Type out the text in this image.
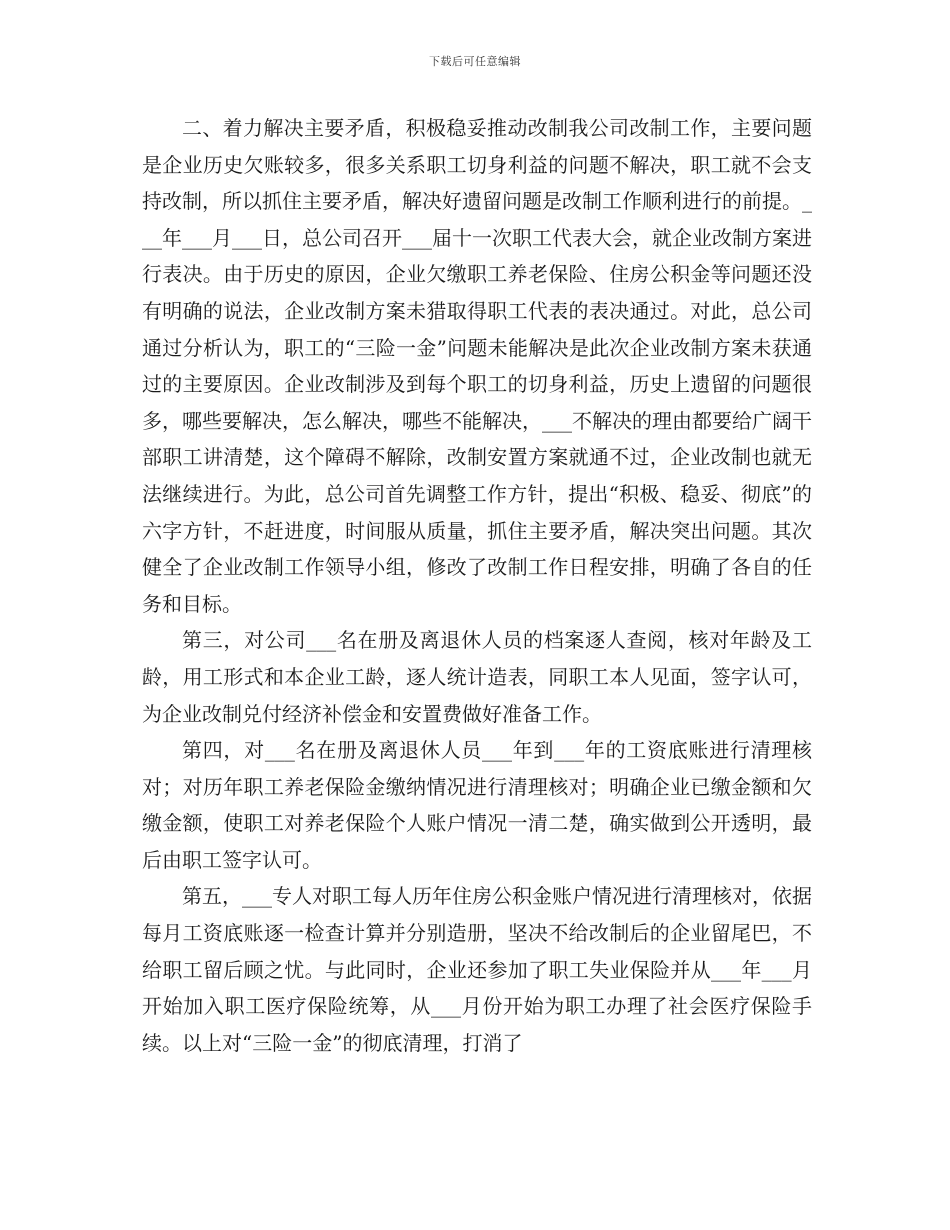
下载后可任意编辑

二、着力解决主要矛盾，积极稳妥推动改制我公司改制工作，主要问题是企业历史欠账较多，很多关系职工切身利益的问题不解决，职工就不会支持改制，所以抓住主要矛盾，解决好遗留问题是改制工作顺利进行的前提。___年___月___日，总公司召开___届十一次职工代表大会，就企业改制方案进行表决。由于历史的原因，企业欠缴职工养老保险、住房公积金等问题还没有明确的说法，企业改制方案未猎取得职工代表的表决通过。对此，总公司通过分析认为，职工的“三险一金”问题未能解决是此次企业改制方案未获通过的主要原因。企业改制涉及到每个职工的切身利益，历史上遗留的问题很多，哪些要解决，怎么解决，哪些不能解决，___不解决的理由都要给广阔干部职工讲清楚，这个障碍不解除，改制安置方案就通不过，企业改制也就无法继续进行。为此，总公司首先调整工作方针，提出“积极、稳妥、彻底”的六字方针，不赶进度，时间服从质量，抓住主要矛盾，解决突出问题。其次健全了企业改制工作领导小组，修改了改制工作日程安排，明确了各自的任务和目标。

第三，对公司___名在册及离退休人员的档案逐人查阅，核对年龄及工龄，用工形式和本企业工龄，逐人统计造表，同职工本人见面，签字认可，为企业改制兑付经济补偿金和安置费做好准备工作。

第四，对___名在册及离退休人员___年到___年的工资底账进行清理核对；对历年职工养老保险金缴纳情况进行清理核对；明确企业已缴金额和欠缴金额，使职工对养老保险个人账户情况一清二楚，确实做到公开透明，最后由职工签字认可。

第五，___专人对职工每人历年住房公积金账户情况进行清理核对，依据每月工资底账逐一检查计算并分别造册，坚决不给改制后的企业留尾巴，不给职工留后顾之忧。与此同时，企业还参加了职工失业保险并从___年___月开始加入职工医疗保险统筹，从___月份开始为职工办理了社会医疗保险手续。以上对“三险一金”的彻底清理，打消了
